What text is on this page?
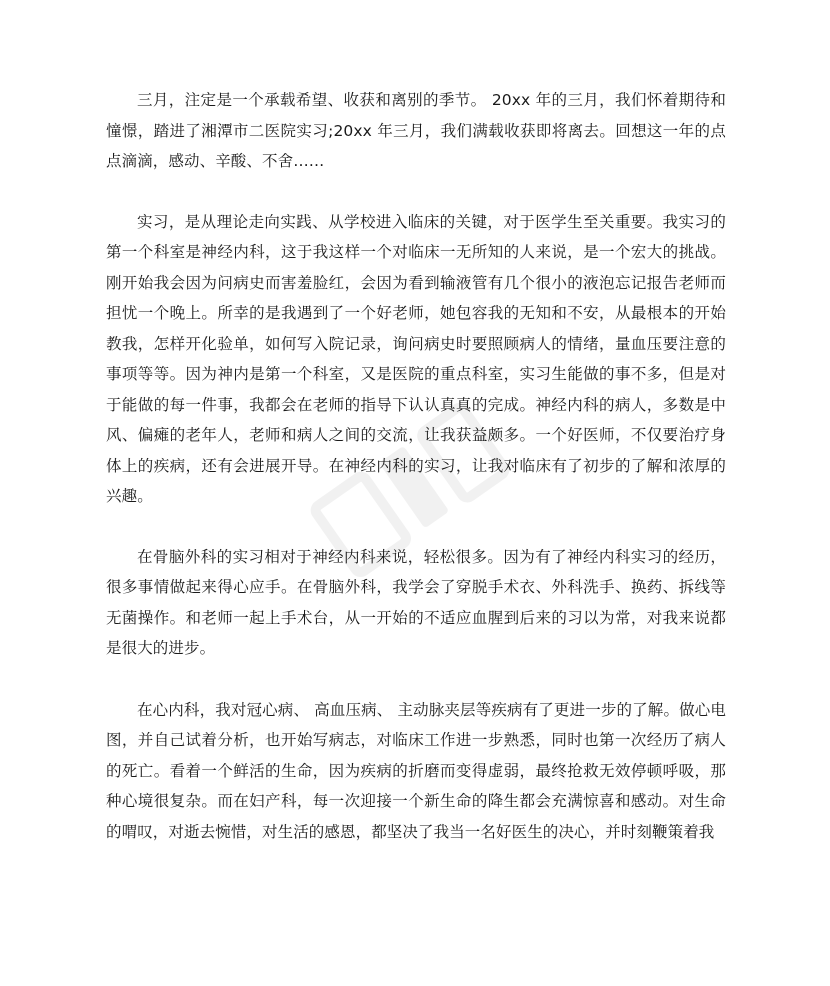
三月，注定是一个承载希望、收获和离别的季节。 20xx 年的三月，我们怀着期待和憧憬，踏进了湘潭市二医院实习;20xx 年三月，我们满载收获即将离去。回想这一年的点点滴滴，感动、辛酸、不舍……

实习，是从理论走向实践、从学校进入临床的关键，对于医学生至关重要。我实习的第一个科室是神经内科，这于我这样一个对临床一无所知的人来说，是一个宏大的挑战。刚开始我会因为问病史而害羞脸红，会因为看到输液管有几个很小的液泡忘记报告老师而担忧一个晚上。所幸的是我遇到了一个好老师，她包容我的无知和不安，从最根本的开始教我，怎样开化验单，如何写入院记录，询问病史时要照顾病人的情绪，量血压要注意的事项等等。因为神内是第一个科室，又是医院的重点科室，实习生能做的事不多，但是对于能做的每一件事，我都会在老师的指导下认认真真的完成。神经内科的病人，多数是中风、偏瘫的老年人，老师和病人之间的交流，让我获益颇多。一个好医师，不仅要治疗身体上的疾病，还有会进展开导。在神经内科的实习，让我对临床有了初步的了解和浓厚的兴趣。

在骨脑外科的实习相对于神经内科来说，轻松很多。因为有了神经内科实习的经历，很多事情做起来得心应手。在骨脑外科，我学会了穿脱手术衣、外科洗手、换药、拆线等无菌操作。和老师一起上手术台，从一开始的不适应血腥到后来的习以为常，对我来说都是很大的进步。

在心内科，我对冠心病、 高血压病、 主动脉夹层等疾病有了更进一步的了解。做心电图，并自己试着分析，也开始写病志，对临床工作进一步熟悉，同时也第一次经历了病人的死亡。看着一个鲜活的生命，因为疾病的折磨而变得虚弱，最终抢救无效停顿呼吸，那种心境很复杂。而在妇产科，每一次迎接一个新生命的降生都会充满惊喜和感动。对生命的喟叹，对逝去惋惜，对生活的感恩，都坚决了我当一名好医生的决心，并时刻鞭策着我
